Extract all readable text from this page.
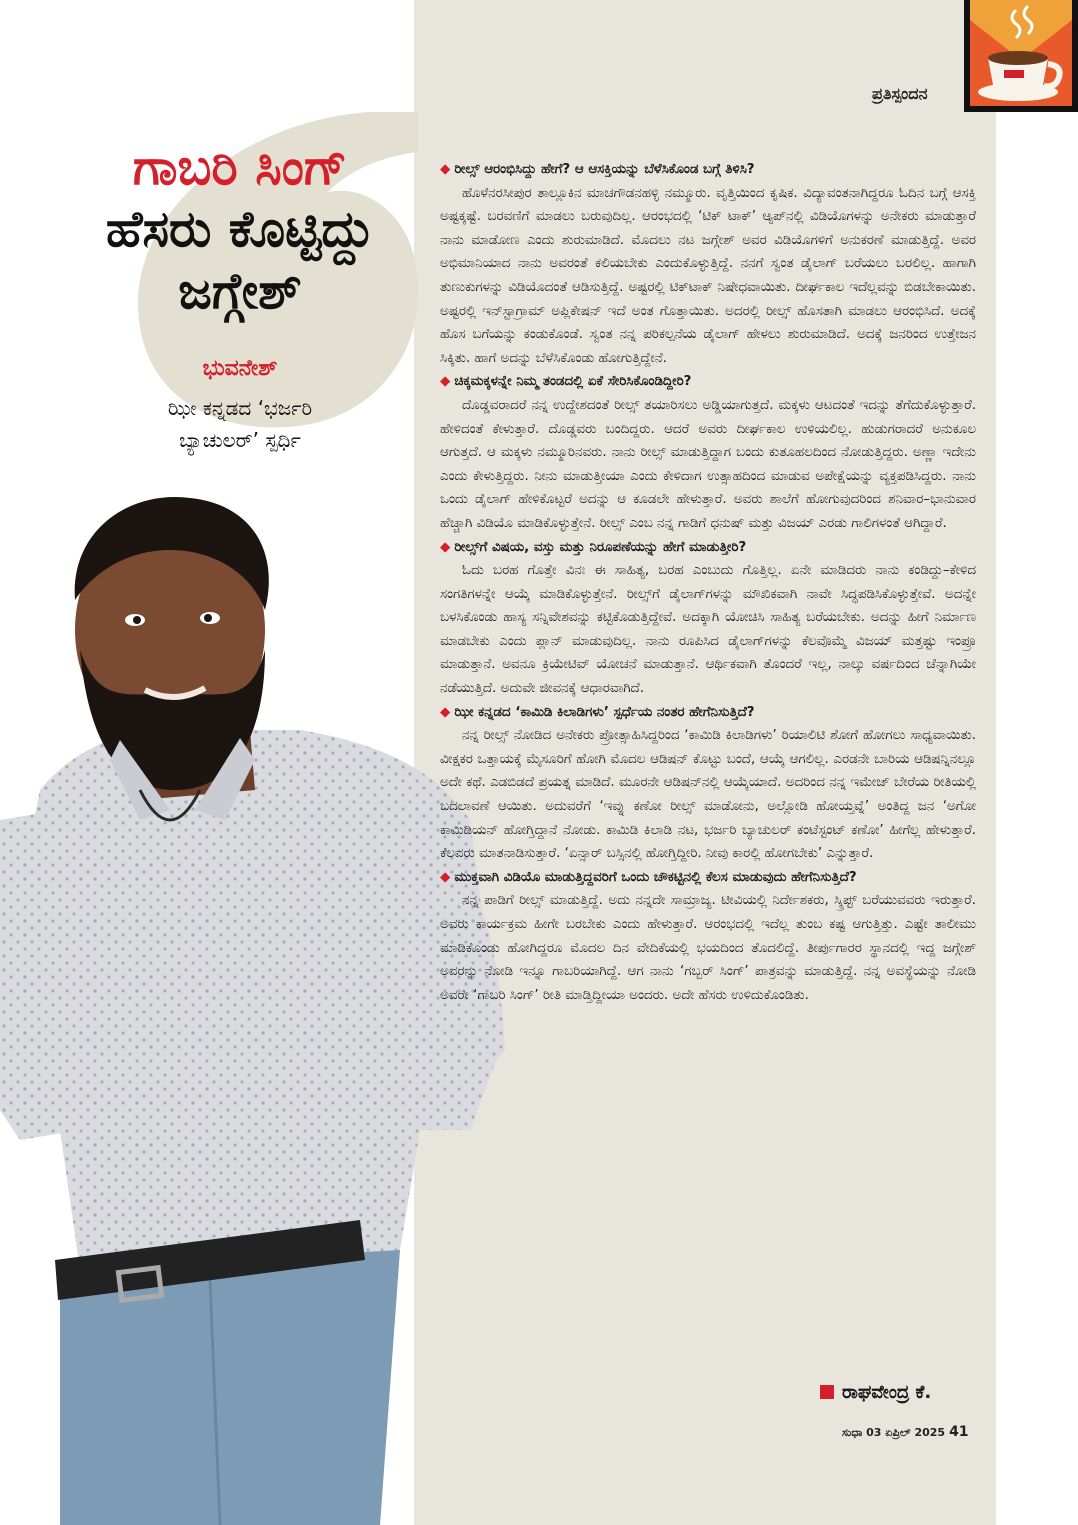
ಪ್ರತಿಸ್ಪಂದನ
ಗಾಬರಿ ಸಿಂಗ್
ಹೆಸರು ಕೊಟ್ಟಿದ್ದು
ಜಗ್ಗೇಶ್
ಭುವನೇಶ್
ಝೀ ಕನ್ನಡದ ‘ಭರ್ಜರಿ
ಬ್ಯಾಚುಲರ್’ ಸ್ಪರ್ಧಿ

◆ ರೀಲ್ಸ್ ಆರಂಭಿಸಿದ್ದು ಹೇಗೆ? ಆ ಆಸಕ್ತಿಯನ್ನು ಬೆಳೆಸಿಕೊಂಡ ಬಗ್ಗೆ ತಿಳಿಸಿ?

ಹೊಳೆನರಸೀಪುರ ತಾಲ್ಲೂಕಿನ ಮಾಚಗೌಡನಹಳ್ಳಿ ನಮ್ಮೂರು. ವೃತ್ತಿಯಿಂದ ಕೃಷಿಕ. ವಿದ್ಯಾವಂತನಾಗಿದ್ದರೂ ಓದಿನ ಬಗ್ಗೆ ಆಸಕ್ತಿ ಅಷ್ಟಕ್ಕಷ್ಟೆ. ಬರವಣಿಗೆ ಮಾಡಲು ಬರುವುದಿಲ್ಲ. ಆರಂಭದಲ್ಲಿ ‘ಟಿಕ್ ಟಾಕ್’ ಆ್ಯಪ್‌ನಲ್ಲಿ ವಿಡಿಯೊಗಳನ್ನು ಅನೇಕರು ಮಾಡುತ್ತಾರೆ ನಾನು ಮಾಡೋಣ ಎಂದು ಶುರುಮಾಡಿದೆ. ಮೊದಲು ನಟ ಜಗ್ಗೇಶ್ ಅವರ ವಿಡಿಯೊಗಳಿಗೆ ಅನುಕರಣೆ ಮಾಡುತ್ತಿದ್ದೆ. ಅವರ ಅಭಿಮಾನಿಯಾದ ನಾನು ಅವರಂತೆ ಕಲಿಯಬೇಕು ಎಂದುಕೊಳ್ಳುತ್ತಿದ್ದೆ. ನನಗೆ ಸ್ವಂತ ಡೈಲಾಗ್ ಬರೆಯಲು ಬರಲಿಲ್ಲ. ಹಾಗಾಗಿ ತುಣುಕುಗಳನ್ನು ವಿಡಿಯೊದಂತೆ ಆಡಿಸುತ್ತಿದ್ದೆ. ಅಷ್ಟರಲ್ಲಿ ಟಿಕ್‌ಟಾಕ್ ನಿಷೇಧವಾಯಿತು. ದೀರ್ಘಕಾಲ ಇದೆಲ್ಲವನ್ನು ಬಿಡಬೇಕಾಯಿತು. ಅಷ್ಟರಲ್ಲಿ ಇನ್‌ಸ್ಟಾಗ್ರಾಮ್ ಅಪ್ಲಿಕೇಷನ್ ಇದೆ ಅಂತ ಗೊತ್ತಾಯಿತು. ಅದರಲ್ಲಿ ರೀಲ್ಸ್ ಹೊಸತಾಗಿ ಮಾಡಲು ಆರಂಭಿಸಿದೆ. ಅದಕ್ಕೆ ಹೊಸ ಬಗೆಯನ್ನು ಕಂಡುಕೊಂಡೆ. ಸ್ವಂತ ನನ್ನ ಪರಿಕಲ್ಪನೆಯ ಡೈಲಾಗ್ ಹೇಳಲು ಶುರುಮಾಡಿದೆ. ಅದಕ್ಕೆ ಜನರಿಂದ ಉತ್ತೇಜನ ಸಿಕ್ಕಿತು. ಹಾಗೆ ಅದನ್ನು ಬೆಳೆಸಿಕೊಂಡು ಹೋಗುತ್ತಿದ್ದೇನೆ.

◆ ಚಿಕ್ಕಮಕ್ಕಳನ್ನೇ ನಿಮ್ಮ ತಂಡದಲ್ಲಿ ಏಕೆ ಸೇರಿಸಿಕೊಂಡಿದ್ದೀರಿ?

ದೊಡ್ಡವರಾದರೆ ನನ್ನ ಉದ್ದೇಶದಂತೆ ರೀಲ್ಸ್ ತಯಾರಿಸಲು ಅಡ್ಡಿಯಾಗುತ್ತದೆ. ಮಕ್ಕಳು ಆಟದಂತೆ ಇದನ್ನು ತೆಗೆದುಕೊಳ್ಳುತ್ತಾರೆ. ಹೇಳಿದಂತೆ ಕೇಳುತ್ತಾರೆ. ದೊಡ್ಡವರು ಬಂದಿದ್ದರು. ಆದರೆ ಅವರು ದೀರ್ಘಕಾಲ ಉಳಿಯಲಿಲ್ಲ. ಹುಡುಗರಾದರೆ ಅನುಕೂಲ ಆಗುತ್ತದೆ. ಆ ಮಕ್ಕಳು ನಮ್ಮೂರಿನವರು. ನಾನು ರೀಲ್ಸ್ ಮಾಡುತ್ತಿದ್ದಾಗ ಬಂದು ಕುತೂಹಲದಿಂದ ನೋಡುತ್ತಿದ್ದರು. ಅಣ್ಣಾ ಇದೇನು ಎಂದು ಕೇಳುತ್ತಿದ್ದರು. ನೀನು ಮಾಡುತ್ತೀಯಾ ಎಂದು ಕೇಳಿದಾಗ ಉತ್ಸಾಹದಿಂದ ಮಾಡುವ ಅಪೇಕ್ಷೆಯನ್ನು ವ್ಯಕ್ತಪಡಿಸಿದ್ದರು. ನಾನು ಒಂದು ಡೈಲಾಗ್ ಹೇಳಿಕೊಟ್ಟರೆ ಅದನ್ನು ಆ ಕೂಡಲೇ ಹೇಳುತ್ತಾರೆ. ಅವರು ಶಾಲೆಗೆ ಹೋಗುವುದರಿಂದ ಶನಿವಾರ–ಭಾನುವಾರ ಹೆಚ್ಚಾಗಿ ವಿಡಿಯೊ ಮಾಡಿಕೊಳ್ಳುತ್ತೇನೆ. ರೀಲ್ಸ್ ಎಂಬ ನನ್ನ ಗಾಡಿಗೆ ಧನುಷ್ ಮತ್ತು ವಿಜಯ್ ಎರಡು ಗಾಲಿಗಳಂತೆ ಆಗಿದ್ದಾರೆ.

◆ ರೀಲ್ಸ್‌ಗೆ ವಿಷಯ, ವಸ್ತು ಮತ್ತು ನಿರೂಪಣೆಯನ್ನು ಹೇಗೆ ಮಾಡುತ್ತೀರಿ?

ಓದು ಬರಹ ಗೊತ್ತೇ ವಿನಃ ಈ ಸಾಹಿತ್ಯ, ಬರಹ ಎಂಬುದು ಗೊತ್ತಿಲ್ಲ. ಏನೇ ಮಾಡಿದರು ನಾನು ಕಂಡಿದ್ದು–ಕೇಳಿದ ಸಂಗತಿಗಳನ್ನೇ ಆಯ್ಕೆ ಮಾಡಿಕೊಳ್ಳುತ್ತೇನೆ. ರೀಲ್ಸ್‌ಗೆ ಡೈಲಾಗ್‌ಗಳನ್ನು ಮೌಖಿಕವಾಗಿ ನಾವೇ ಸಿದ್ಧಪಡಿಸಿಕೊಳ್ಳುತ್ತೇವೆ. ಅದನ್ನೇ ಬಳಸಿಕೊಂಡು ಹಾಸ್ಯ ಸನ್ನಿವೇಶವನ್ನು ಕಟ್ಟಿಕೊಡುತ್ತಿದ್ದೇವೆ. ಅದಕ್ಕಾಗಿ ಯೋಚಿಸಿ ಸಾಹಿತ್ಯ ಬರೆಯಬೇಕು. ಅದನ್ನು ಹೀಗೆ ನಿರ್ಮಾಣ ಮಾಡಬೇಕು ಎಂದು ಪ್ಲಾನ್ ಮಾಡುವುದಿಲ್ಲ. ನಾನು ರೂಪಿಸಿದ ಡೈಲಾಗ್‌ಗಳನ್ನು ಕೆಲವೊಮ್ಮೆ ವಿಜಯ್ ಮತ್ತಷ್ಟು ಇಂಪ್ರೂ ಮಾಡುತ್ತಾನೆ. ಅವನೂ ಕ್ರಿಯೇಟಿವ್ ಯೋಚನೆ ಮಾಡುತ್ತಾನೆ. ಆರ್ಥಿಕವಾಗಿ ತೊಂದರೆ ಇಲ್ಲ, ನಾಲ್ಕು ವರ್ಷದಿಂದ ಚೆನ್ನಾಗಿಯೇ ನಡೆಯುತ್ತಿದೆ. ಅದುವೇ ಜೀವನಕ್ಕೆ ಆಧಾರವಾಗಿದೆ.

◆ ಝೀ ಕನ್ನಡದ ‘ಕಾಮಿಡಿ ಕಿಲಾಡಿಗಳು’ ಸ್ಪರ್ಧೆಯ ನಂತರ ಹೇಗೆನಿಸುತ್ತಿದೆ?

ನನ್ನ ರೀಲ್ಸ್ ನೋಡಿದ ಅನೇಕರು ಪ್ರೋತ್ಸಾಹಿಸಿದ್ದರಿಂದ ‘ಕಾಮಿಡಿ ಕಿಲಾಡಿಗಳು’ ರಿಯಾಲಿಟಿ ಶೋಗೆ ಹೋಗಲು ಸಾಧ್ಯವಾಯಿತು. ವೀಕ್ಷಕರ ಒತ್ತಾಯಕ್ಕೆ ಮೈಸೂರಿಗೆ ಹೋಗಿ ಮೊದಲ ಆಡಿಷನ್ ಕೊಟ್ಟು ಬಂದೆ, ಆಯ್ಕೆ ಆಗಲಿಲ್ಲ. ಎರಡನೇ ಬಾರಿಯ ಆಡಿಷನ್ನಿನಲ್ಲೂ ಅದೇ ಕಥೆ. ಎಡಬಿಡದೆ ಪ್ರಯತ್ನ ಮಾಡಿದೆ. ಮೂರನೇ ಆಡಿಷನ್‌ನಲ್ಲಿ ಆಯ್ಕೆಯಾದೆ. ಅದರಿಂದ ನನ್ನ ಇಮೇಜ್ ಬೇರೆಯ ರೀತಿಯಲ್ಲಿ ಬದಲಾವಣೆ ಆಯಿತು. ಅದುವರೆಗೆ ‘ಇವ್ನು ಕಣೋ ರೀಲ್ಸ್ ಮಾಡೋನು, ಅಲ್ಲೋಡಿ ಹೋಯ್ತವ್ನೆ’ ಅಂತಿದ್ದ ಜನ ‘ಅಗೋ ಕಾಮಿಡಿಯನ್ ಹೋಗ್ತಿದ್ದಾನೆ ನೋಡು. ಕಾಮಿಡಿ ಕಿಲಾಡಿ ನಟ, ಭರ್ಜರಿ ಬ್ಯಾಚುಲರ್ ಕಂಟೆಸ್ಟಂಟ್ ಕಣೋ’ ಹೀಗೆಲ್ಲ ಹೇಳುತ್ತಾರೆ. ಕೆಲವರು ಮಾತನಾಡಿಸುತ್ತಾರೆ. ‘ಏನ್ಸಾರ್ ಬಸ್ಸಿನಲ್ಲಿ ಹೋಗ್ತಿದ್ದೀರಿ. ನೀವು ಕಾರಲ್ಲಿ ಹೋಗಬೇಕು’ ಎನ್ನುತ್ತಾರೆ.

◆ ಮುಕ್ತವಾಗಿ ವಿಡಿಯೊ ಮಾಡುತ್ತಿದ್ದವರಿಗೆ ಒಂದು ಚೌಕಟ್ಟಿನಲ್ಲಿ ಕೆಲಸ ಮಾಡುವುದು ಹೇಗೆನಿಸುತ್ತಿದೆ?

ನನ್ನ ಪಾಡಿಗೆ ರೀಲ್ಸ್ ಮಾಡುತ್ತಿದ್ದೆ. ಅದು ನನ್ನದೇ ಸಾಮ್ರಾಜ್ಯ. ಟೀವಿಯಲ್ಲಿ ನಿರ್ದೇಶಕರು, ಸ್ಕ್ರಿಪ್ಟ್ ಬರೆಯುವವರು ಇರುತ್ತಾರೆ. ಅವರು ಕಾರ್ಯಕ್ರಮ ಹೀಗೇ ಬರಬೇಕು ಎಂದು ಹೇಳುತ್ತಾರೆ. ಆರಂಭದಲ್ಲಿ ಇದೆಲ್ಲ ತುಂಬ ಕಷ್ಟ ಆಗುತ್ತಿತ್ತು. ಎಷ್ಟೇ ತಾಲೀಮು ಮಾಡಿಕೊಂಡು ಹೋಗಿದ್ದರೂ ಮೊದಲ ದಿನ ವೇದಿಕೆಯಲ್ಲಿ ಭಯದಿಂದ ತೊದಲಿದ್ದೆ. ತೀರ್ಪುಗಾರರ ಸ್ಥಾನದಲ್ಲಿ ಇದ್ದ ಜಗ್ಗೇಶ್ ಅವರನ್ನು ನೋಡಿ ಇನ್ನೂ ಗಾಬರಿಯಾಗಿದ್ದೆ. ಆಗ ನಾನು ‘ಗಬ್ಬರ್ ಸಿಂಗ್’ ಪಾತ್ರವನ್ನು ಮಾಡುತ್ತಿದ್ದೆ. ನನ್ನ ಅವಸ್ಥೆಯನ್ನು ನೋಡಿ ಅವರೇ ‘ಗಾಬರಿ ಸಿಂಗ್’ ರೀತಿ ಮಾಡ್ತಿದ್ದೀಯಾ ಅಂದರು. ಅದೇ ಹೆಸರು ಉಳಿದುಕೊಂಡಿತು.

ರಾಘವೇಂದ್ರ ಕೆ.
ಸುಧಾ 03 ಏಪ್ರಿಲ್ 2025 41
